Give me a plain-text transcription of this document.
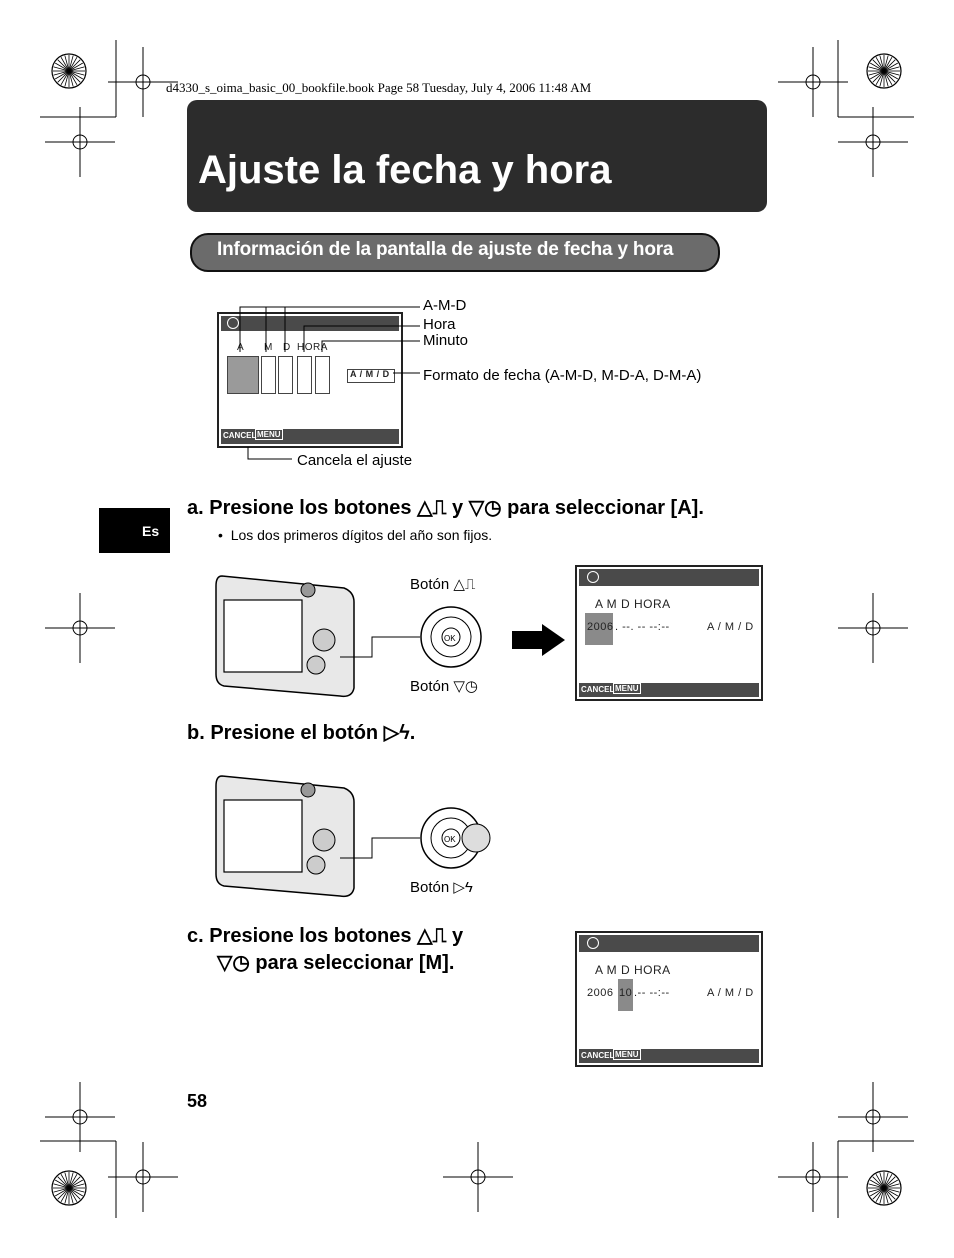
d4330_s_oima_basic_00_bookfile.book Page 58 Tuesday, July 4, 2006 11:48 AM
Ajuste la fecha y hora
Información de la pantalla de ajuste de fecha y hora
A M D HORA
A / M / D
CANCEL MENU
A-M-D
Hora
Minuto
Formato de fecha (A-M-D, M-D-A, D-M-A)
Cancela el ajuste
Es
a. Presione los botones △⎍ y ▽◷ para seleccionar [A].
•  Los dos primeros dígitos del año son fijos.
OK
Botón △⎍
Botón ▽◷
A M D HORA
2006 . --. -- --:--	A / M / D
CANCEL MENU
b. Presione el botón ▷ϟ.
OK
Botón ▷ϟ
c. Presione los botones △⎍ y
▽◷ para seleccionar [M].	A M D HORA
2006 10 .-- --:--	A / M / D
CANCEL MENU
58
